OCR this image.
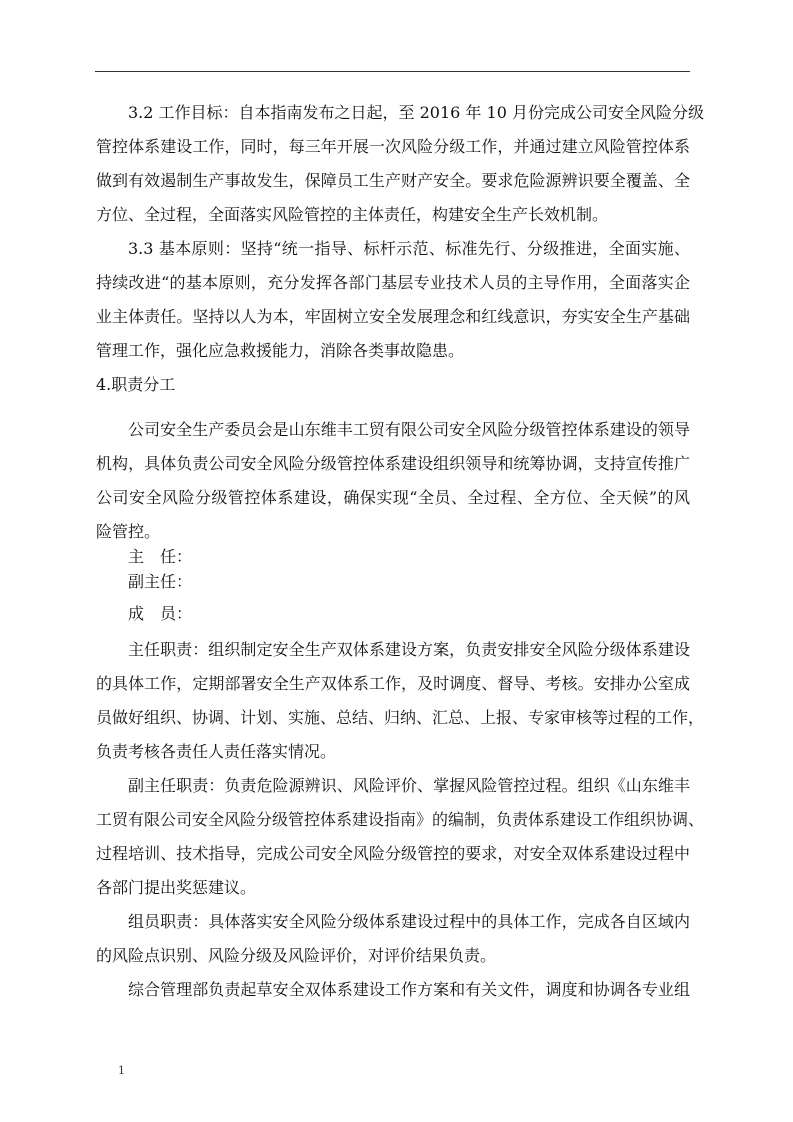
3.2 工作目标：自本指南发布之日起，至 2016 年 10 月份完成公司安全风险分级
管控体系建设工作，同时，每三年开展一次风险分级工作，并通过建立风险管控体系
做到有效遏制生产事故发生，保障员工生产财产安全。要求危险源辨识要全覆盖、全
方位、全过程，全面落实风险管控的主体责任，构建安全生产长效机制。
3.3 基本原则：坚持“统一指导、标杆示范、标准先行、分级推进，全面实施、
持续改进“的基本原则，充分发挥各部门基层专业技术人员的主导作用，全面落实企
业主体责任。坚持以人为本，牢固树立安全发展理念和红线意识，夯实安全生产基础
管理工作，强化应急救援能力，消除各类事故隐患。
4.职责分工
公司安全生产委员会是山东维丰工贸有限公司安全风险分级管控体系建设的领导
机构，具体负责公司安全风险分级管控体系建设组织领导和统筹协调，支持宣传推广
公司安全风险分级管控体系建设，确保实现“全员、全过程、全方位、全天候”的风
险管控。
主　任：
副主任：
成　员：
主任职责：组织制定安全生产双体系建设方案，负责安排安全风险分级体系建设
的具体工作，定期部署安全生产双体系工作，及时调度、督导、考核。安排办公室成
员做好组织、协调、计划、实施、总结、归纳、汇总、上报、专家审核等过程的工作，
负责考核各责任人责任落实情况。
副主任职责：负责危险源辨识、风险评价、掌握风险管控过程。组织《山东维丰
工贸有限公司安全风险分级管控体系建设指南》的编制，负责体系建设工作组织协调、
过程培训、技术指导，完成公司安全风险分级管控的要求，对安全双体系建设过程中
各部门提出奖惩建议。
组员职责：具体落实安全风险分级体系建设过程中的具体工作，完成各自区域内
的风险点识别、风险分级及风险评价，对评价结果负责。
综合管理部负责起草安全双体系建设工作方案和有关文件，调度和协调各专业组
1
